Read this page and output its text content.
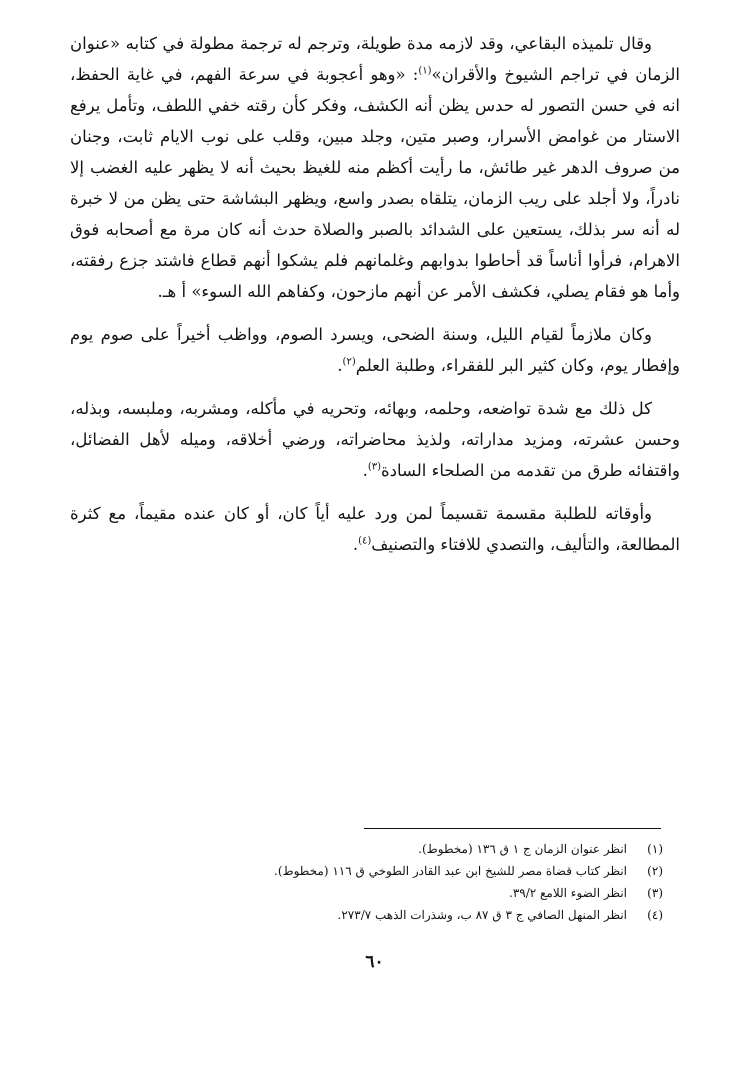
وقال تلميذه البقاعي، وقد لازمه مدة طويلة، وترجم له ترجمة مطولة في كتابه «عنوان الزمان في تراجم الشيوخ والأقران»$^{(١)}$: «وهو أعجوبة في سرعة الفهم، في غاية الحفظ، انه في حسن التصور له حدس يظن أنه الكشف، وفكر كأن رقته خفي اللطف، وتأمل يرفع الاستار من غوامض الأسرار، وصبر متين، وجلد مبين، وقلب على نوب الايام ثابت، وجنان من صروف الدهر غير طائش، ما رأيت أكظم منه للغيظ بحيث أنه لا يظهر عليه الغضب إلا نادراً، ولا أجلد على ريب الزمان، يتلقاه بصدر واسع، ويظهر البشاشة حتى يظن من لا خبرة له أنه سر بذلك، يستعين على الشدائد بالصبر والصلاة حدث أنه كان مرة مع أصحابه فوق الاهرام، فرأوا أناساً قد أحاطوا بدوابهم وغلمانهم فلم يشكوا أنهم قطاع فاشتد جزع رفقته، وأما هو فقام يصلي، فكشف الأمر عن أنهم مازحون، وكفاهم الله السوء» أ هـ.

وكان ملازماً لقيام الليل، وسنة الضحى، ويسرد الصوم، وواظب أخيراً على صوم يوم وإفطار يوم، وكان كثير البر للفقراء، وطلبة العلم$^{(٢)}$.

كل ذلك مع شدة تواضعه، وحلمه، وبهائه، وتحريه في مأكله، ومشربه، وملبسه، وبذله، وحسن عشرته، ومزيد مداراته، ولذيذ محاضراته، ورضي أخلاقه، وميله لأهل الفضائل، واقتفائه طرق من تقدمه من الصلحاء السادة$^{(٣)}$.

وأوقاته للطلبة مقسمة تقسيماً لمن ورد عليه أياً كان، أو كان عنده مقيماً، مع كثرة المطالعة، والتأليف، والتصدي للافتاء والتصنيف$^{(٤)}$.

(١)
انظر عنوان الزمان ج ١ ق ١٣٦ (مخطوط).
(٢)
انظر كتاب قضاة مصر للشيخ ابن عبد القادر الطوخي ق ١١٦ (مخطوط).
(٣)
انظر الضوء اللامع ٣٩/٢.
(٤)
انظر المنهل الصافي ج ٣ ق ٨٧ ب، وشذرات الذهب ٢٧٣/٧.
٦٠
